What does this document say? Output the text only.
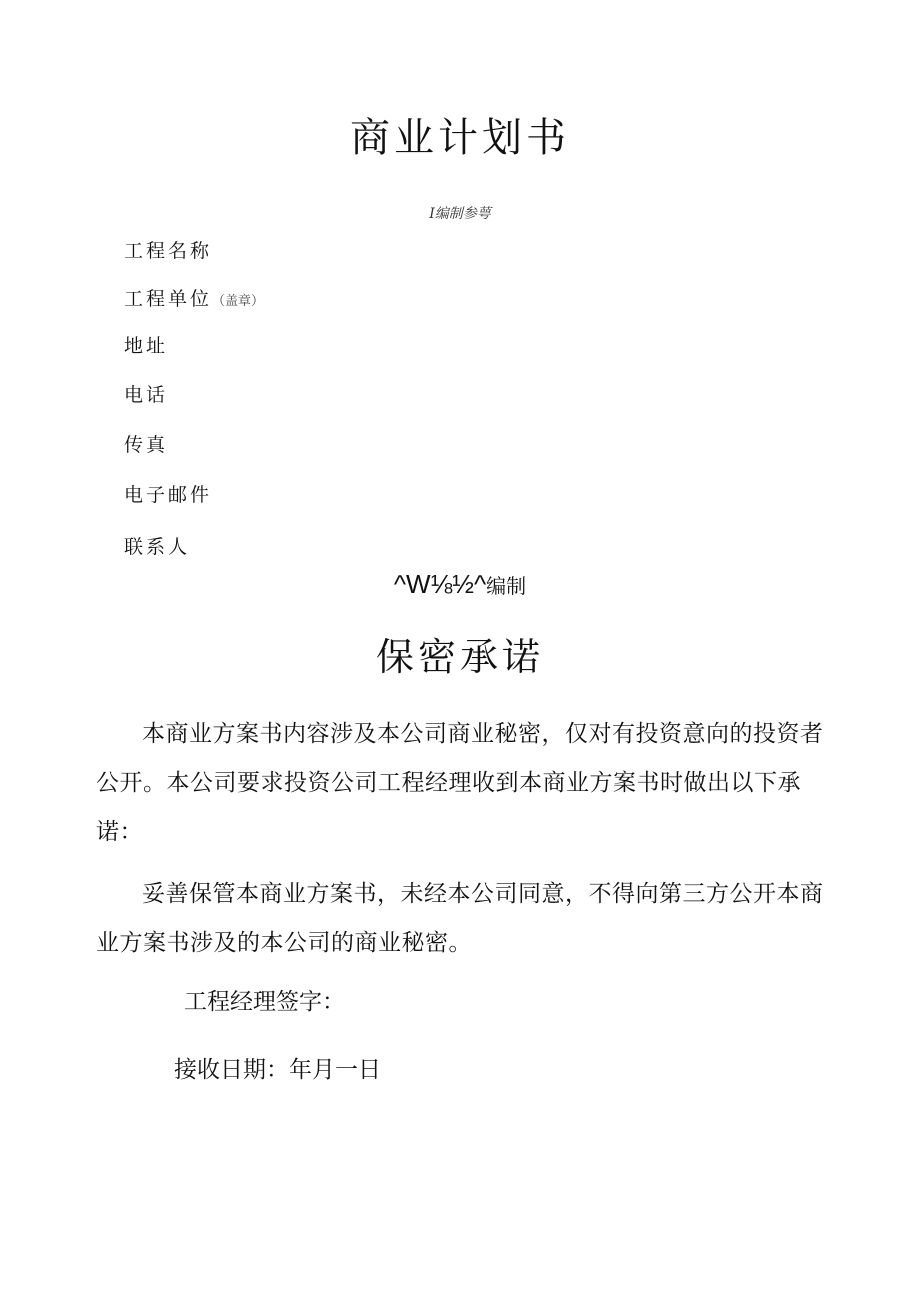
商业计划书
I编制参萼
工程名称
工程单位（盖章）
地址
电话
传真
电子邮件
联系人
^W⅛½^编制
保密承诺
本商业方案书内容涉及本公司商业秘密，仅对有投资意向的投资者公开。本公司要求投资公司工程经理收到本商业方案书时做出以下承诺：
妥善保管本商业方案书，未经本公司同意，不得向第三方公开本商业方案书涉及的本公司的商业秘密。
工程经理签字：
接收日期：年月一日
